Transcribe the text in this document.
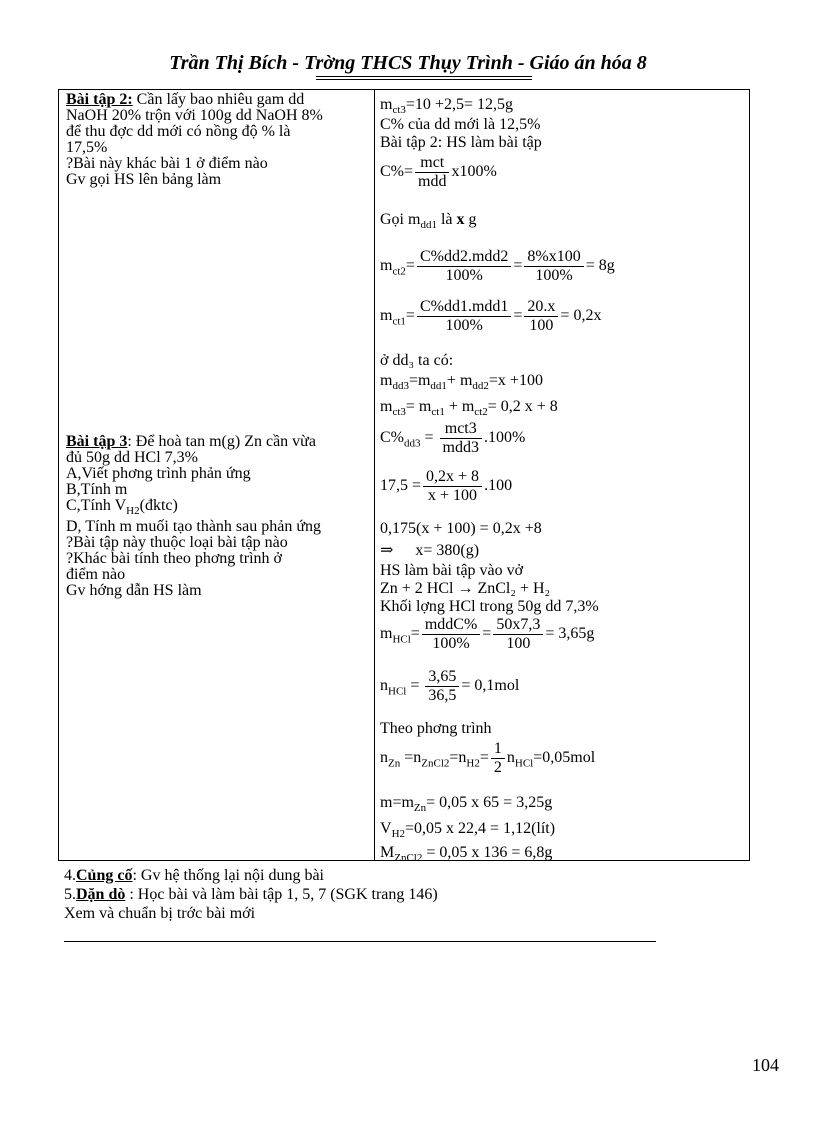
Trần Thị Bích - Trờng THCS Thụy Trình - Giáo án hóa 8
Bài tập 2: Cần lấy bao nhiêu gam dd
NaOH 20% trộn với 100g dd NaOH 8%
để thu đợc dd mới có nồng độ % là
17,5%
?Bài này khác bài 1 ở điểm nào
Gv gọi HS lên bảng làm
Bài tập 3: Để hoà tan m(g) Zn cần vừa
đủ 50g dd HCl 7,3%
A,Viết phơng trình phản ứng
B,Tính m
C,Tính $V_{H2}(đktc)$
D, Tính m muối tạo thành sau phản ứng
?Bài tập này thuộc loại bài tập nào
?Khác bài tính theo phơng trình ở
điểm nào
Gv hớng dẫn HS làm
$m_{ct3}=10 +2,5= 12,5g$
C% của dd mới là 12,5%
Bài tập 2: HS làm bài tập
$C\%= \frac{\text{mct}}{\text{mdd}} x100\%$
Gọi $m_{dd1}$ là x g
$m_{ct2}= \frac{\text{C\%dd2.mdd2}}{100\%} = \frac{8\%x100}{100\%} = 8g$
$m_{ct1}= \frac{\text{C\%dd1.mdd1}}{100\%} = \frac{20.x}{100} = 0,2x$
ở dd₃ ta có:
$m_{dd3}=m_{dd1}+ m_{dd2}=x +100$
$m_{ct3}= m_{ct1} + m_{ct2}= 0,2$ x + 8
$C\%_{dd3} = \frac{\text{mct3}}{\text{mdd3}} .100\%$
$17,5 = \frac{0,2x + 8}{x + 100} .100$
0,175(x + 100) = 0,2x +8
⇒ x= 380(g)
HS làm bài tập vào vở
Zn + 2 HCl → ZnCl₂ + H₂
Khối lợng HCl trong 50g dd 7,3%
$m_{HCl}= \frac{\text{mddC\%}}{100\%} = \frac{50x7,3}{100} = 3,65g$
$n_{HCl} = \frac{3,65}{36,5} = 0,1mol$
Theo phơng trình
$n_{Zn} =n_{ZnCl2}=n_{H2}= \frac{1}{2} n_{HCl}=0,05mol$
$m=m_{Zn}= 0,05$ x 65 = 3,25g
$V_{H2}=0,05$ x 22,4 = 1,12(lít)
$M_{ZnCl2} = 0,05$ x 136 = 6,8g
4.Củng cố: Gv hệ thống lại nội dung bài
5.Dặn dò : Học bài và làm bài tập 1, 5, 7 (SGK trang 146)
Xem và chuẩn bị trớc bài mới
104
